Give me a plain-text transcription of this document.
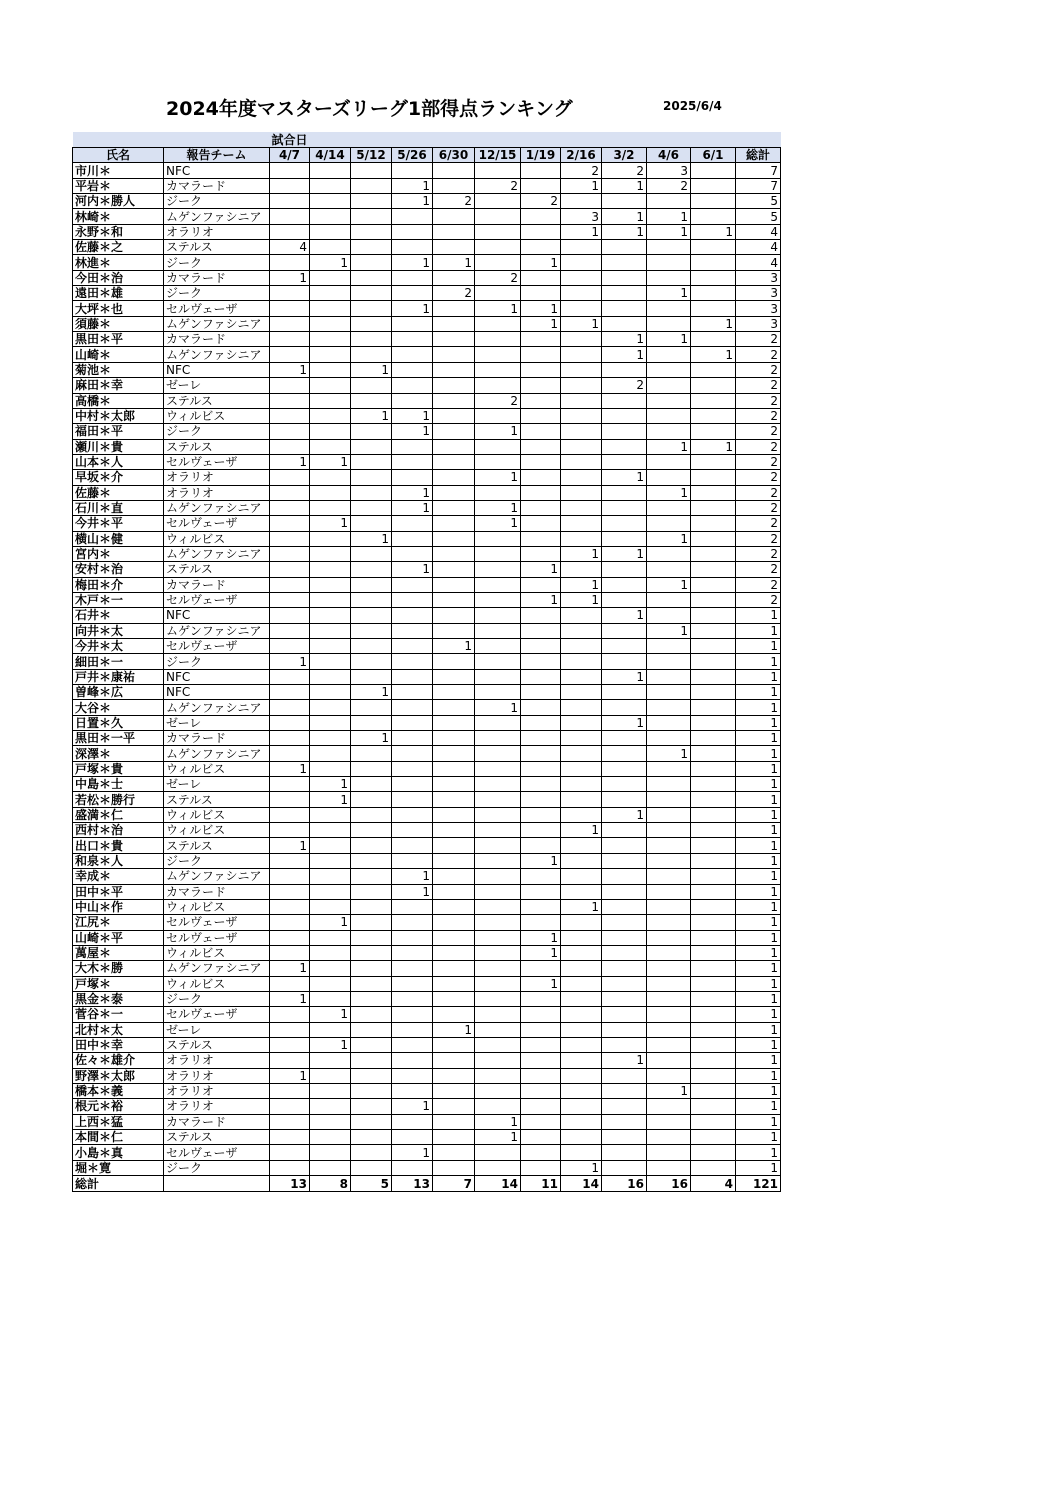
2024年度マスターズリーグ1部得点ランキング	2025/6/4
		試合日											
氏名	報告チーム	4/7	4/14	5/12	5/26	6/30	12/15	1/19	2/16	3/2	4/6	6/1	総計
市川＊	NFC								2	2	3		7
平岩＊	カマラード				1		2		1	1	2		7
河内＊勝人	ジーク				1	2		2					5
林崎＊	ムゲンファシニア								3	1	1		5
永野＊和	オラリオ								1	1	1	1	4
佐藤＊之	ステルス	4											4
林進＊	ジーク		1		1	1		1					4
今田＊治	カマラード	1					2						3
遠田＊雄	ジーク					2					1		3
大坪＊也	セルヴェーザ				1		1	1					3
須藤＊	ムゲンファシニア							1	1			1	3
黒田＊平	カマラード									1	1		2
山崎＊	ムゲンファシニア									1		1	2
菊池＊	NFC	1		1									2
麻田＊幸	ゼーレ									2			2
高橋＊	ステルス						2						2
中村＊太郎	ウィルビス			1	1								2
福田＊平	ジーク				1		1						2
瀬川＊貴	ステルス										1	1	2
山本＊人	セルヴェーザ	1	1										2
早坂＊介	オラリオ						1			1			2
佐藤＊	オラリオ				1						1		2
石川＊直	ムゲンファシニア				1		1						2
今井＊平	セルヴェーザ		1				1						2
横山＊健	ウィルビス			1							1		2
宮内＊	ムゲンファシニア								1	1			2
安村＊治	ステルス				1			1					2
梅田＊介	カマラード								1		1		2
木戸＊一	セルヴェーザ							1	1				2
石井＊	NFC									1			1
向井＊太	ムゲンファシニア										1		1
今井＊太	セルヴェーザ					1							1
細田＊一	ジーク	1											1
戸井＊康祐	NFC									1			1
曽峰＊広	NFC			1									1
大谷＊	ムゲンファシニア						1						1
日置＊久	ゼーレ									1			1
黒田＊一平	カマラード			1									1
深澤＊	ムゲンファシニア										1		1
戸塚＊貴	ウィルビス	1											1
中島＊士	ゼーレ		1										1
若松＊勝行	ステルス		1										1
盛満＊仁	ウィルビス									1			1
西村＊治	ウィルビス								1				1
出口＊貴	ステルス	1											1
和泉＊人	ジーク							1					1
幸成＊	ムゲンファシニア				1								1
田中＊平	カマラード				1								1
中山＊作	ウィルビス								1				1
江尻＊	セルヴェーザ		1										1
山崎＊平	セルヴェーザ							1					1
萬屋＊	ウィルビス							1					1
大木＊勝	ムゲンファシニア	1											1
戸塚＊	ウィルビス							1					1
黒金＊泰	ジーク	1											1
菅谷＊一	セルヴェーザ		1										1
北村＊太	ゼーレ					1							1
田中＊幸	ステルス		1										1
佐々＊雄介	オラリオ									1			1
野澤＊太郎	オラリオ	1											1
橋本＊義	オラリオ										1		1
根元＊裕	オラリオ				1								1
上西＊猛	カマラード						1						1
本間＊仁	ステルス						1						1
小島＊真	セルヴェーザ				1								1
堀＊寛	ジーク								1				1
総計		13	8	5	13	7	14	11	14	16	16	4	121
